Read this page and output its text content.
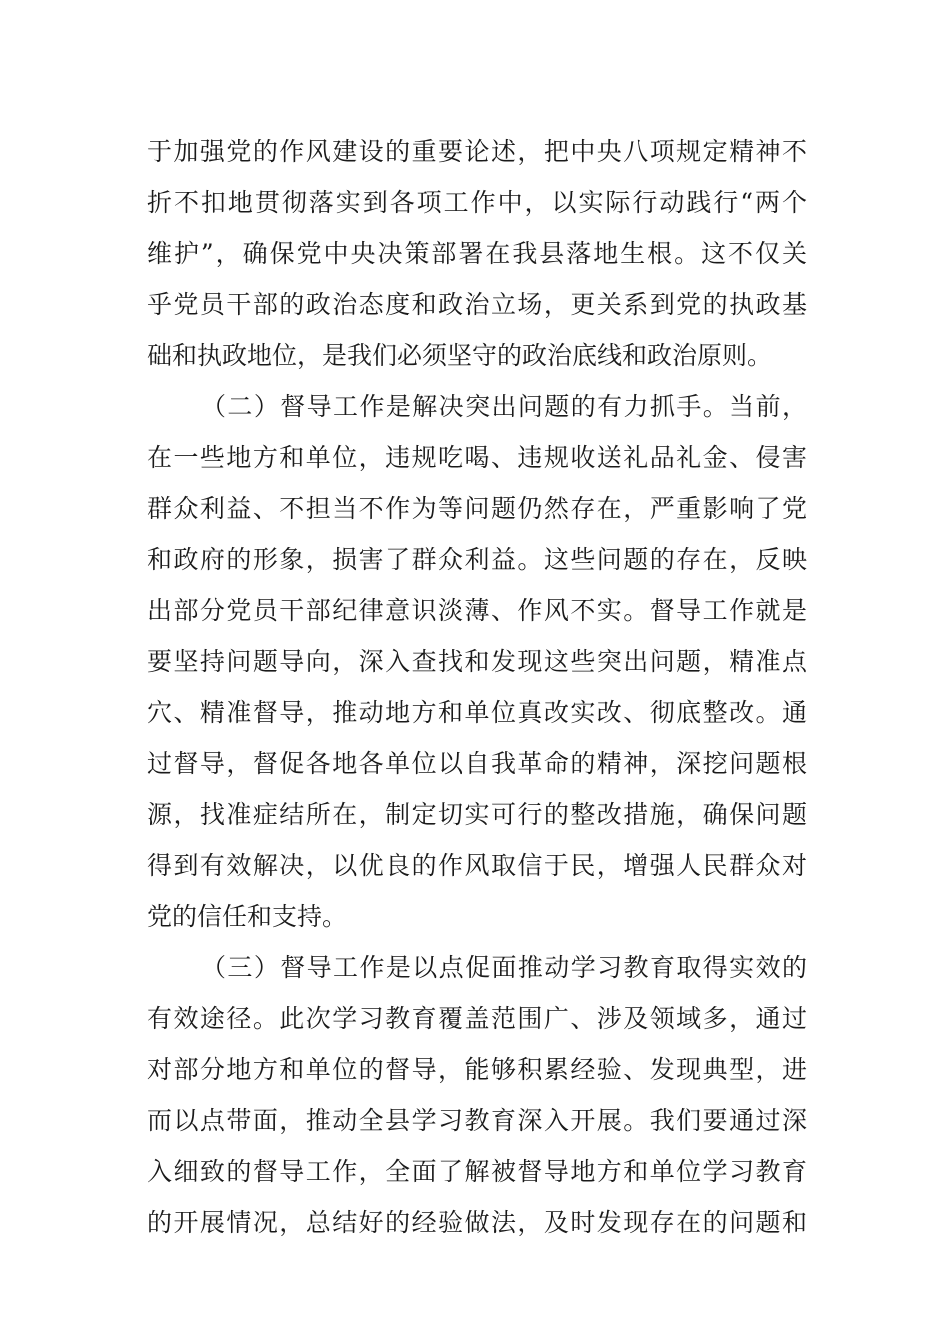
于加强党的作风建设的重要论述，把中央八项规定精神不
折不扣地贯彻落实到各项工作中，以实际行动践行“两个
维护”，确保党中央决策部署在我县落地生根。这不仅关
乎党员干部的政治态度和政治立场，更关系到党的执政基
础和执政地位，是我们必须坚守的政治底线和政治原则。
（二）督导工作是解决突出问题的有力抓手。当前，
在一些地方和单位，违规吃喝、违规收送礼品礼金、侵害
群众利益、不担当不作为等问题仍然存在，严重影响了党
和政府的形象，损害了群众利益。这些问题的存在，反映
出部分党员干部纪律意识淡薄、作风不实。督导工作就是
要坚持问题导向，深入查找和发现这些突出问题，精准点
穴、精准督导，推动地方和单位真改实改、彻底整改。通
过督导，督促各地各单位以自我革命的精神，深挖问题根
源，找准症结所在，制定切实可行的整改措施，确保问题
得到有效解决，以优良的作风取信于民，增强人民群众对
党的信任和支持。
（三）督导工作是以点促面推动学习教育取得实效的
有效途径。此次学习教育覆盖范围广、涉及领域多，通过
对部分地方和单位的督导，能够积累经验、发现典型，进
而以点带面，推动全县学习教育深入开展。我们要通过深
入细致的督导工作，全面了解被督导地方和单位学习教育
的开展情况，总结好的经验做法，及时发现存在的问题和
